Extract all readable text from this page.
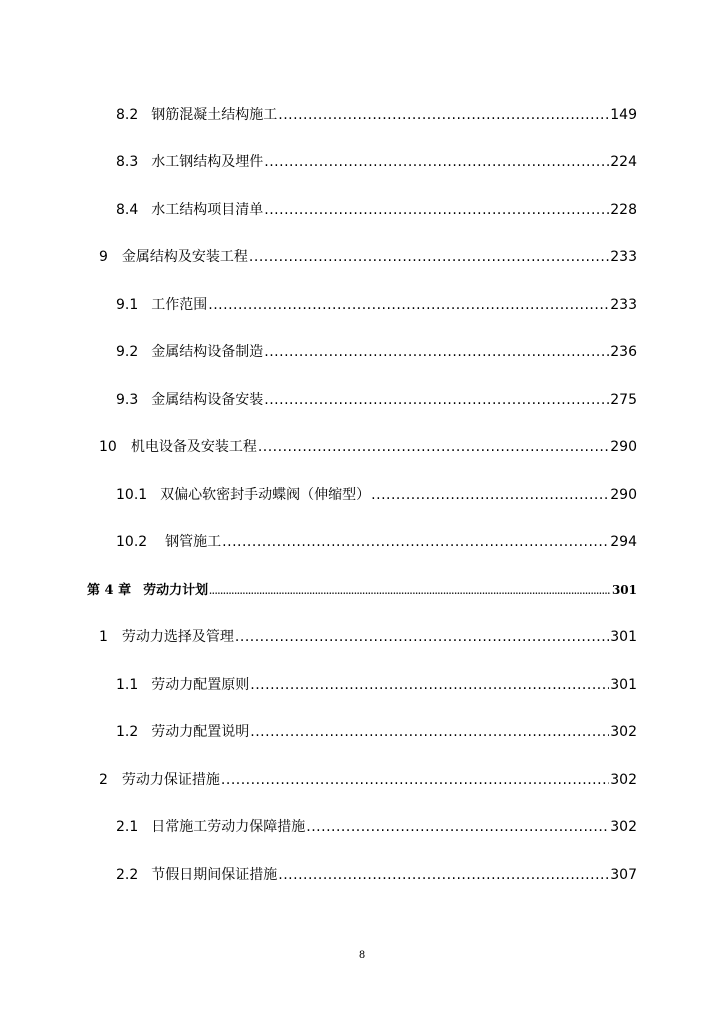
8.2 钢筋混凝土结构施工 .....	149
8.3 水工钢结构及埋件 .....	224
8.4 水工结构项目清单 .....	228
9 金属结构及安装工程 .....	233
9.1 工作范围 .....	233
9.2 金属结构设备制造 .....	236
9.3 金属结构设备安装 .....	275
10 机电设备及安装工程 .....	290
10.1 双偏心软密封手动蝶阀（伸缩型） .....	290
10.2 钢管施工 .....	294
第 4 章 劳动力计划 .....	301
1 劳动力选择及管理 .....	301
1.1 劳动力配置原则 .....	301
1.2 劳动力配置说明 .....	302
2 劳动力保证措施 .....	302
2.1 日常施工劳动力保障措施 .....	302
2.2 节假日期间保证措施 .....	307
8
